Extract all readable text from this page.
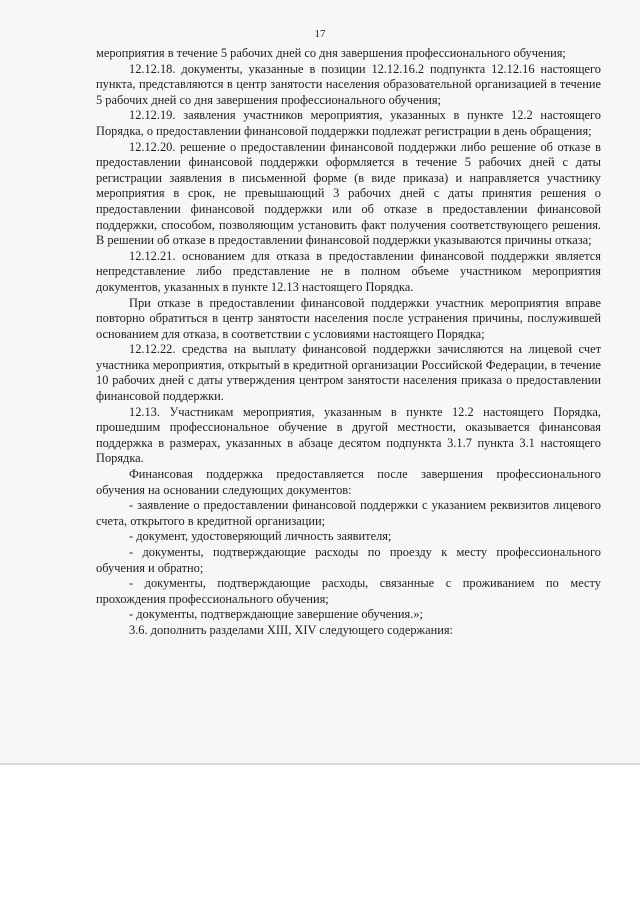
17

мероприятия в течение 5 рабочих дней со дня завершения профессионального обучения;

12.12.18. документы, указанные в позиции 12.12.16.2 подпункта 12.12.16 настоящего пункта, представляются в центр занятости населения образовательной организацией в течение 5 рабочих дней со дня завершения профессионального обучения;

12.12.19. заявления участников мероприятия, указанных в пункте 12.2 настоящего Порядка, о предоставлении финансовой поддержки подлежат регистрации в день обращения;

12.12.20. решение о предоставлении финансовой поддержки либо решение об отказе в предоставлении финансовой поддержки оформляется в течение 5 рабочих дней с даты регистрации заявления в письменной форме (в виде приказа) и направляется участнику мероприятия в срок, не превышающий 3 рабочих дней с даты принятия решения о предоставлении финансовой поддержки или об отказе в предоставлении финансовой поддержки, способом, позволяющим установить факт получения соответствующего решения. В решении об отказе в предоставлении финансовой поддержки указываются причины отказа;

12.12.21. основанием для отказа в предоставлении финансовой поддержки является непредставление либо представление не в полном объеме участником мероприятия документов, указанных в пункте 12.13 настоящего Порядка.

При отказе в предоставлении финансовой поддержки участник мероприятия вправе повторно обратиться в центр занятости населения после устранения причины, послужившей основанием для отказа, в соответствии с условиями настоящего Порядка;

12.12.22. средства на выплату финансовой поддержки зачисляются на лицевой счет участника мероприятия, открытый в кредитной организации Российской Федерации, в течение 10 рабочих дней с даты утверждения центром занятости населения приказа о предоставлении финансовой поддержки.

12.13. Участникам мероприятия, указанным в пункте 12.2 настоящего Порядка, прошедшим профессиональное обучение в другой местности, оказывается финансовая поддержка в размерах, указанных в абзаце десятом подпункта 3.1.7 пункта 3.1 настоящего Порядка.

Финансовая поддержка предоставляется после завершения профессионального обучения на основании следующих документов:

- заявление о предоставлении финансовой поддержки с указанием реквизитов лицевого счета, открытого в кредитной организации;

- документ, удостоверяющий личность заявителя;

- документы, подтверждающие расходы по проезду к месту профессионального обучения и обратно;

- документы, подтверждающие расходы, связанные с проживанием по месту прохождения профессионального обучения;

- документы, подтверждающие завершение обучения.»;

3.6. дополнить разделами XIII, XIV следующего содержания:
